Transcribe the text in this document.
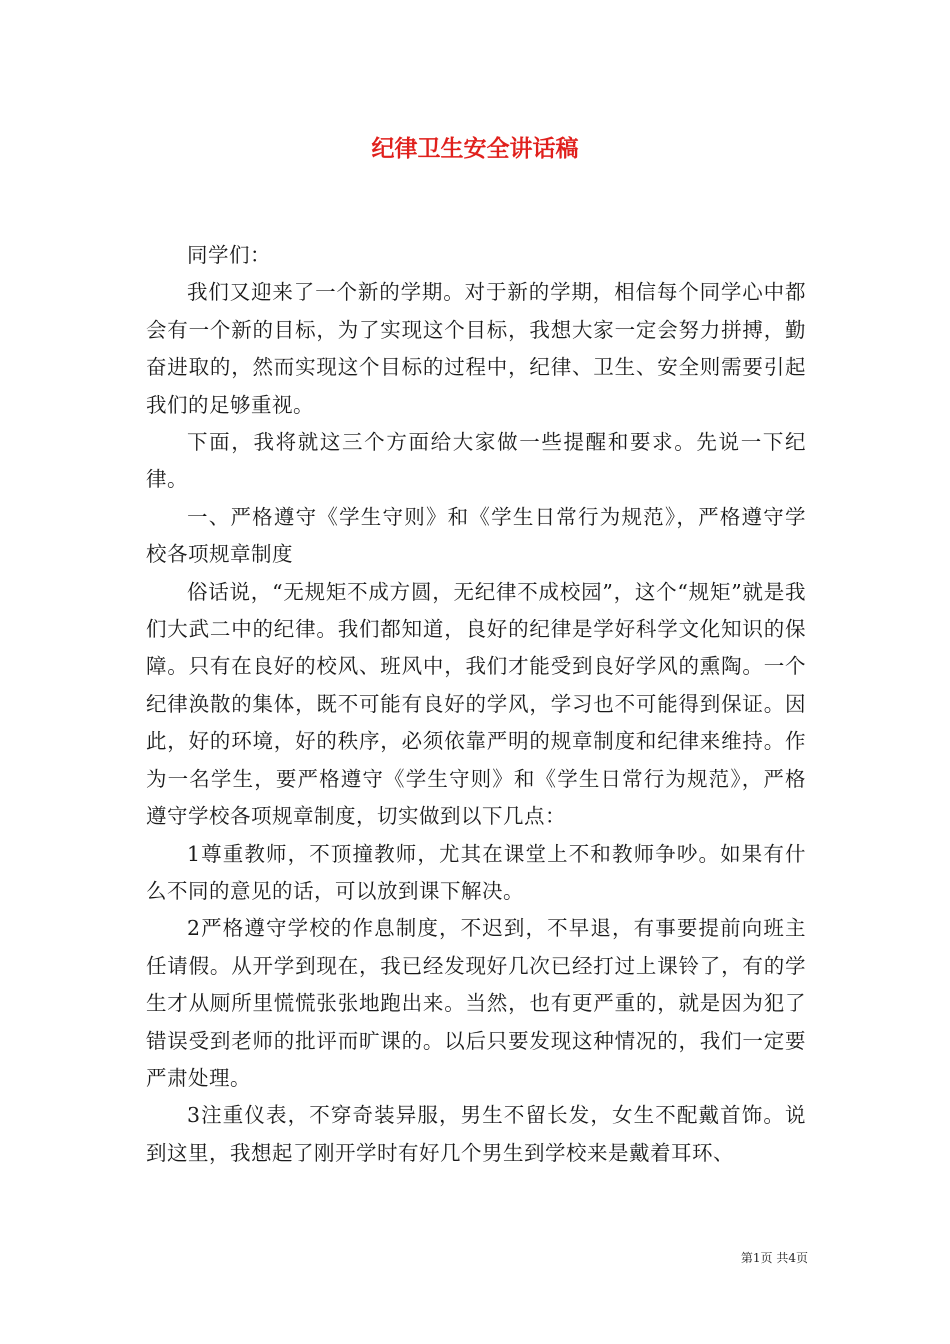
纪律卫生安全讲话稿

同学们：

我们又迎来了一个新的学期。对于新的学期，相信每个同学心中都会有一个新的目标，为了实现这个目标，我想大家一定会努力拼搏，勤奋进取的，然而实现这个目标的过程中，纪律、卫生、安全则需要引起我们的足够重视。

下面，我将就这三个方面给大家做一些提醒和要求。先说一下纪律。

一、严格遵守《学生守则》和《学生日常行为规范》，严格遵守学校各项规章制度

俗话说，“无规矩不成方圆，无纪律不成校园”，这个“规矩”就是我们大武二中的纪律。我们都知道，良好的纪律是学好科学文化知识的保障。只有在良好的校风、班风中，我们才能受到良好学风的熏陶。一个纪律涣散的集体，既不可能有良好的学风，学习也不可能得到保证。因此，好的环境，好的秩序，必须依靠严明的规章制度和纪律来维持。作为一名学生，要严格遵守《学生守则》和《学生日常行为规范》，严格遵守学校各项规章制度，切实做到以下几点：

1尊重教师，不顶撞教师，尤其在课堂上不和教师争吵。如果有什么不同的意见的话，可以放到课下解决。

2严格遵守学校的作息制度，不迟到，不早退，有事要提前向班主任请假。从开学到现在，我已经发现好几次已经打过上课铃了，有的学生才从厕所里慌慌张张地跑出来。当然，也有更严重的，就是因为犯了错误受到老师的批评而旷课的。以后只要发现这种情况的，我们一定要严肃处理。

3注重仪表，不穿奇装异服，男生不留长发，女生不配戴首饰。说到这里，我想起了刚开学时有好几个男生到学校来是戴着耳环、

第1页 共4页
